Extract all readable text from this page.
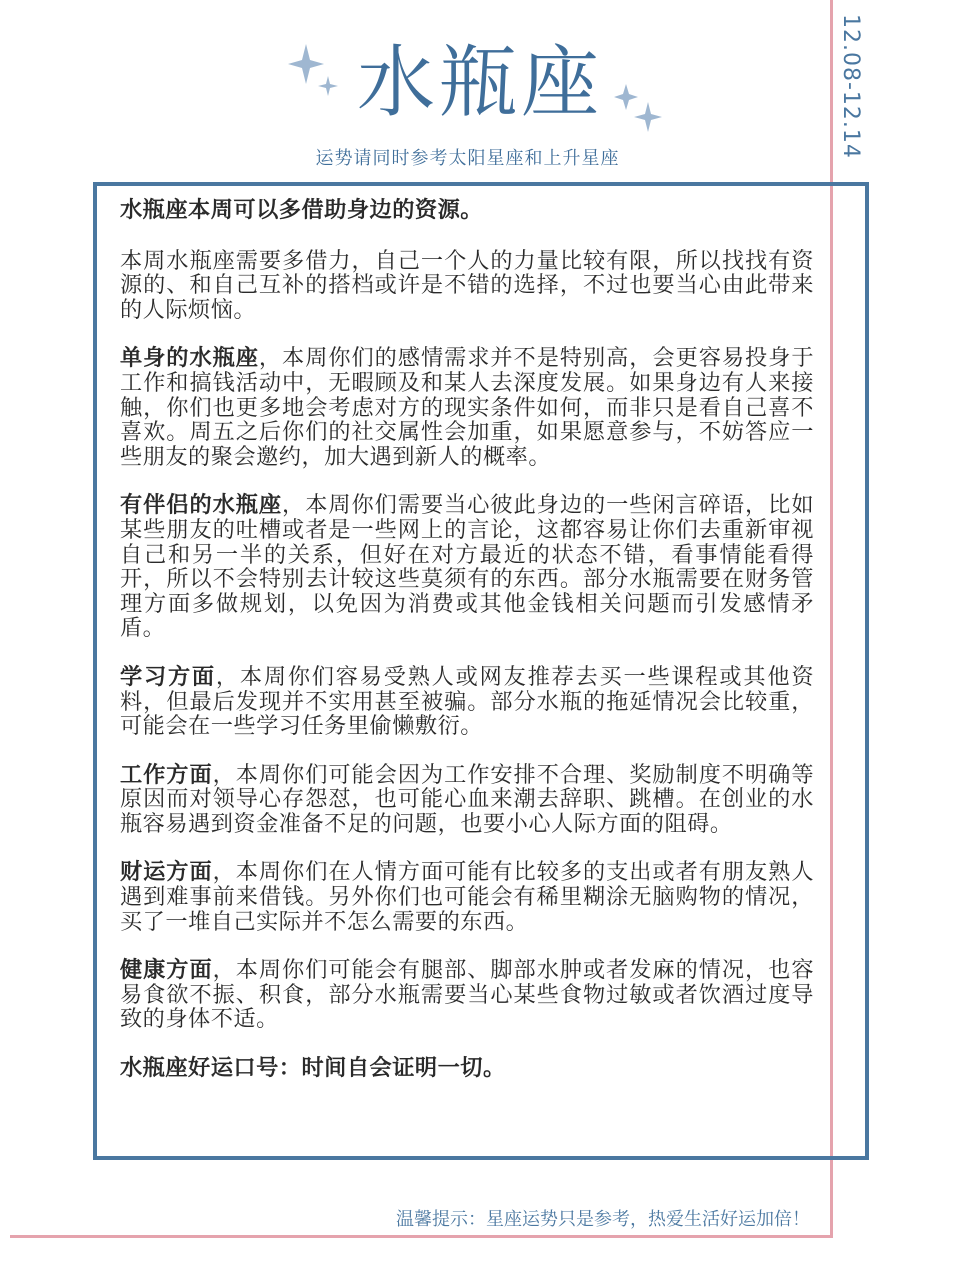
12.08-12.14
水瓶座
运势请同时参考太阳星座和上升星座

水瓶座本周可以多借助身边的资源。

本周水瓶座需要多借力，自己一个人的力量比较有限，所以找找有资源的、和自己互补的搭档或许是不错的选择，不过也要当心由此带来的人际烦恼。

单身的水瓶座，本周你们的感情需求并不是特别高，会更容易投身于工作和搞钱活动中，无暇顾及和某人去深度发展。如果身边有人来接触，你们也更多地会考虑对方的现实条件如何，而非只是看自己喜不喜欢。周五之后你们的社交属性会加重，如果愿意参与，不妨答应一些朋友的聚会邀约，加大遇到新人的概率。

有伴侣的水瓶座，本周你们需要当心彼此身边的一些闲言碎语，比如某些朋友的吐槽或者是一些网上的言论，这都容易让你们去重新审视自己和另一半的关系，但好在对方最近的状态不错，看事情能看得开，所以不会特别去计较这些莫须有的东西。部分水瓶需要在财务管理方面多做规划，以免因为消费或其他金钱相关问题而引发感情矛盾。

学习方面，本周你们容易受熟人或网友推荐去买一些课程或其他资料，但最后发现并不实用甚至被骗。部分水瓶的拖延情况会比较重，可能会在一些学习任务里偷懒敷衍。

工作方面，本周你们可能会因为工作安排不合理、奖励制度不明确等原因而对领导心存怨怼，也可能心血来潮去辞职、跳槽。在创业的水瓶容易遇到资金准备不足的问题，也要小心人际方面的阻碍。

财运方面，本周你们在人情方面可能有比较多的支出或者有朋友熟人遇到难事前来借钱。另外你们也可能会有稀里糊涂无脑购物的情况，买了一堆自己实际并不怎么需要的东西。

健康方面，本周你们可能会有腿部、脚部水肿或者发麻的情况，也容易食欲不振、积食，部分水瓶需要当心某些食物过敏或者饮酒过度导致的身体不适。

水瓶座好运口号：时间自会证明一切。

温馨提示：星座运势只是参考，热爱生活好运加倍！
